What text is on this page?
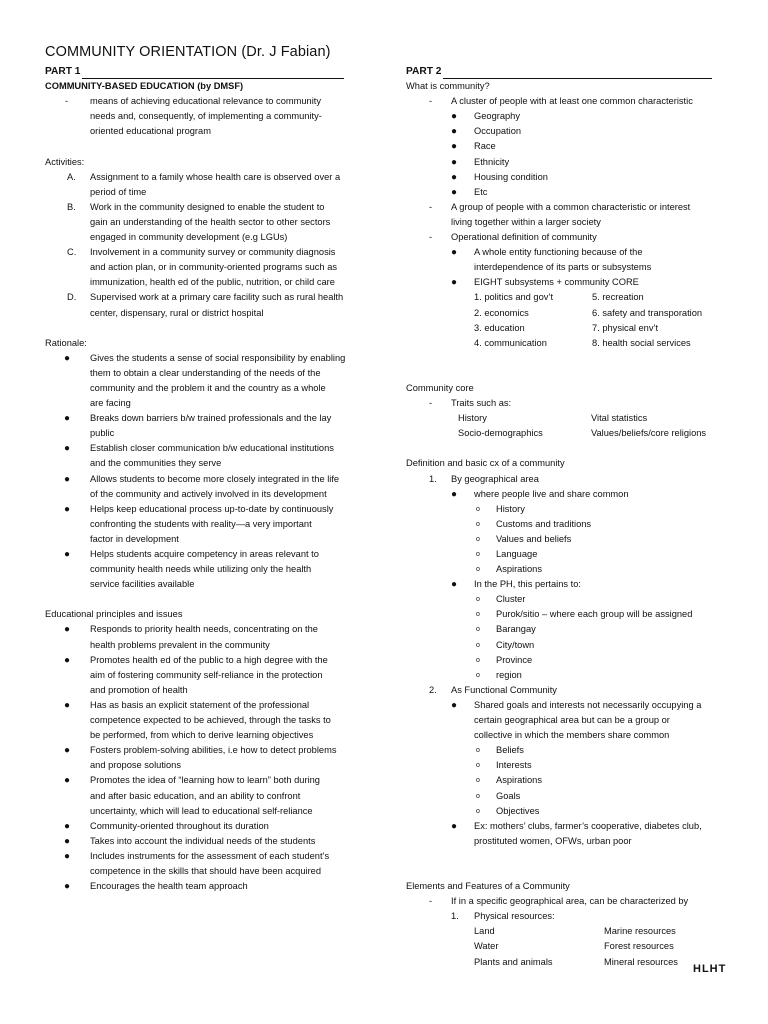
COMMUNITY ORIENTATION (Dr. J Fabian)
PART 1
COMMUNITY-BASED EDUCATION (by DMSF)
- means of achieving educational relevance to community
needs and, consequently, of implementing a community-
oriented educational program
Activities:
A. Assignment to a family whose health care is observed over a
period of time
B. Work in the community designed to enable the student to
gain an understanding of the health sector to other sectors
engaged in community development (e.g LGUs)
C. Involvement in a community survey or community diagnosis
and action plan, or in community-oriented programs such as
immunization, health ed of the public, nutrition, or child care
D. Supervised work at a primary care facility such as rural health
center, dispensary, rural or district hospital
Rationale:
● Gives the students a sense of social responsibility by enabling
them to obtain a clear understanding of the needs of the
community and the problem it and the country as a whole
are facing
● Breaks down barriers b/w trained professionals and the lay
public
● Establish closer communication b/w educational institutions
and the communities they serve
● Allows students to become more closely integrated in the life
of the community and actively involved in its development
● Helps keep educational process up-to-date by continuously
confronting the students with reality—a very important
factor in development
● Helps students acquire competency in areas relevant to
community health needs while utilizing only the health
service facilities available
Educational principles and issues
● Responds to priority health needs, concentrating on the
health problems prevalent in the community
● Promotes health ed of the public to a high degree with the
aim of fostering community self-reliance in the protection
and promotion of health
● Has as basis an explicit statement of the professional
competence expected to be achieved, through the tasks to
be performed, from which to derive learning objectives
● Fosters problem-solving abilities, i.e how to detect problems
and propose solutions
● Promotes the idea of “learning how to learn” both during
and after basic education, and an ability to confront
uncertainty, which will lead to educational self-reliance
● Community-oriented throughout its duration
● Takes into account the individual needs of the students
● Includes instruments for the assessment of each student’s
competence in the skills that should have been acquired
● Encourages the health team approach
PART 2
What is community?
- A cluster of people with at least one common characteristic
● Geography
● Occupation
● Race
● Ethnicity
● Housing condition
● Etc
- A group of people with a common characteristic or interest
living together within a larger society
- Operational definition of community
● A whole entity functioning because of the
interdependence of its parts or subsystems
● EIGHT subsystems + community CORE
1. politics and gov’t	5. recreation
2. economics	6. safety and transporation
3. education	7. physical env’t
4. communication	8. health social services
Community core
- Traits such as:
History	Vital statistics
Socio-demographics	Values/beliefs/core religions
Definition and basic cx of a community
1. By geographical area
● where people live and share common
o History
o Customs and traditions
o Values and beliefs
o Language
o Aspirations
● In the PH, this pertains to:
o Cluster
o Purok/sitio – where each group will be assigned
o Barangay
o City/town
o Province
o region
2. As Functional Community
● Shared goals and interests not necessarily occupying a
certain geographical area but can be a group or
collective in which the members share common
o Beliefs
o Interests
o Aspirations
o Goals
o Objectives
● Ex: mothers’ clubs, farmer’s cooperative, diabetes club,
prostituted women, OFWs, urban poor
Elements and Features of a Community
- If in a specific geographical area, can be characterized by
1. Physical resources:
Land	Marine resources
Water	Forest resources
Plants and animals	Mineral resources
HLHT
